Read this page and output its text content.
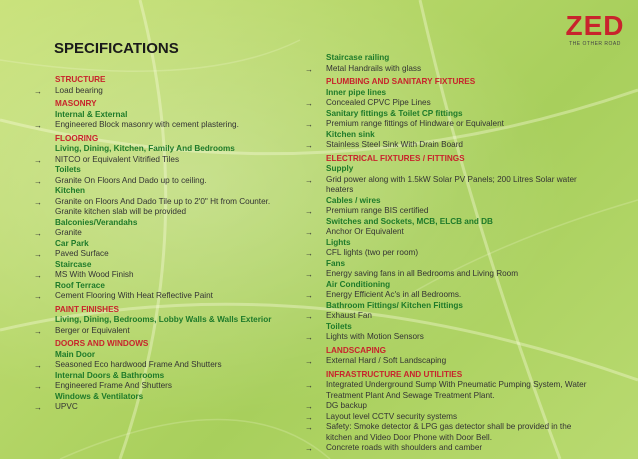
ZED
THE OTHER ROAD
SPECIFICATIONS
STRUCTURE
→ Load bearing
MASONRY
Internal & External
→ Engineered Block masonry with cement plastering.
FLOORING
Living, Dining, Kitchen, Family And Bedrooms
→ NITCO or Equivalent Vitrified Tiles
Toilets
→ Granite On Floors And Dado up to ceiling.
Kitchen
→ Granite on Floors And Dado Tile up to 2'0" Ht from Counter. Granite kitchen slab will be provided
Balconies/Verandahs
→ Granite
Car Park
→ Paved Surface
Staircase
→ MS With Wood Finish
Roof Terrace
→ Cement Flooring With Heat Reflective Paint
PAINT FINISHES
Living, Dining, Bedrooms, Lobby Walls & Walls Exterior
→ Berger or Equivalent
DOORS AND WINDOWS
Main Door
→ Seasoned Eco hardwood Frame And Shutters
Internal Doors & Bathrooms
→ Engineered Frame And Shutters
Windows & Ventilators
→ UPVC
Staircase railing
→ Metal Handrails with glass
PLUMBING AND SANITARY FIXTURES
Inner pipe lines
→ Concealed CPVC Pipe Lines
Sanitary fittings & Toilet CP fittings
→ Premium range fittings of Hindware or Equivalent
Kitchen sink
→ Stainless Steel Sink With Drain Board
ELECTRICAL FIXTURES / FITTINGS
Supply
→ Grid power along with 1.5kW Solar PV Panels; 200 Litres Solar water heaters
Cables / wires
→ Premium range BIS certified
Switches and Sockets, MCB, ELCB and DB
→ Anchor Or Equivalent
Lights
→ CFL lights (two per room)
Fans
→ Energy saving fans in all Bedrooms and Living Room
Air Conditioning
→ Energy Efficient Ac's in all Bedrooms.
Bathroom Fittings/ Kitchen Fittings
→ Exhaust Fan
Toilets
→ Lights with Motion Sensors
LANDSCAPING
→ External Hard / Soft Landscaping
INFRASTRUCTURE AND UTILITIES
→ Integrated Underground Sump With Pneumatic Pumping System, Water Treatment Plant And Sewage Treatment Plant.
→ DG backup
→ Layout level CCTV security systems
→ Safety: Smoke detector & LPG gas detector shall be provided in the kitchen and Video Door Phone with Door Bell.
→ Concrete roads with shoulders and camber
